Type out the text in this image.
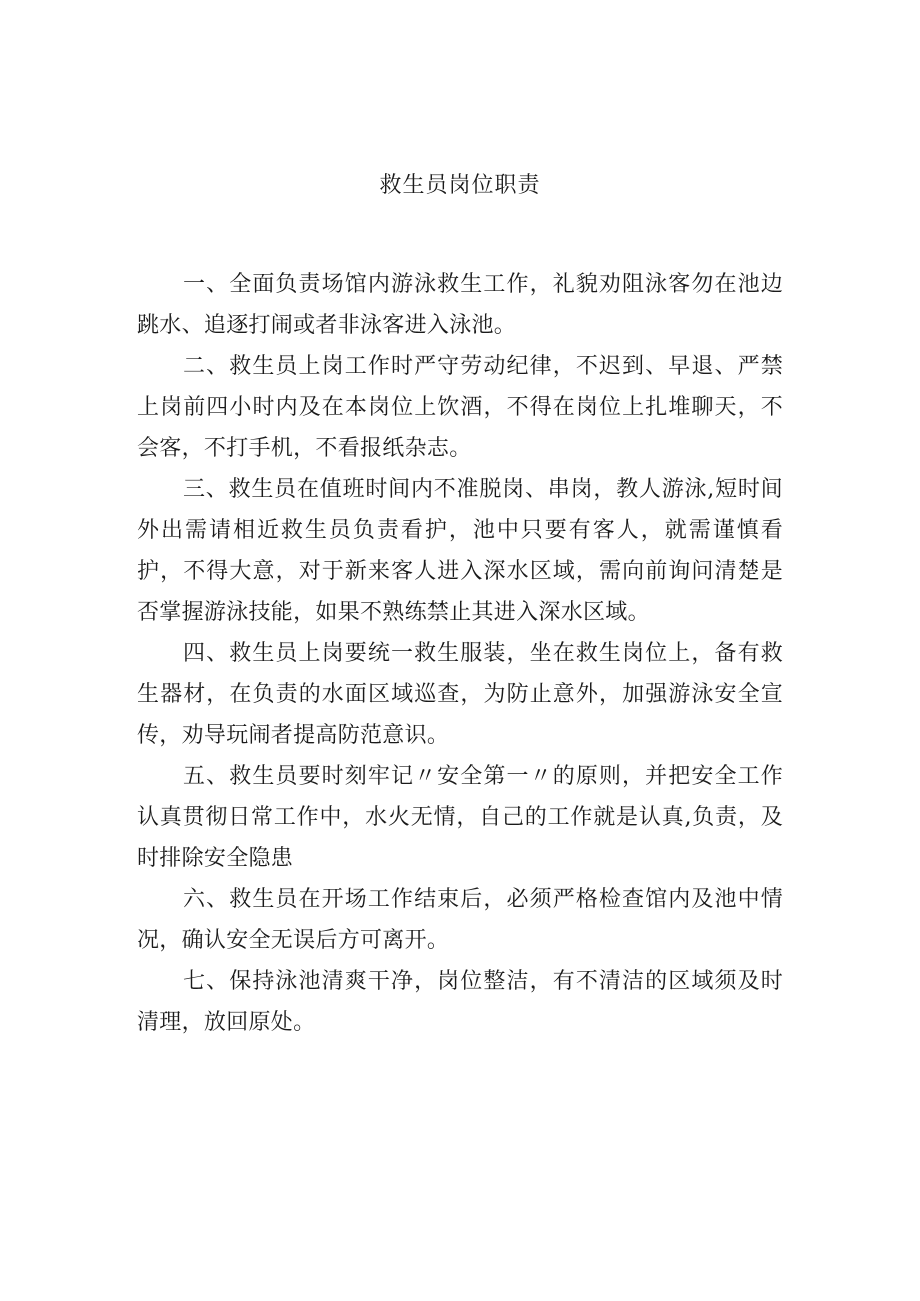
救生员岗位职责

一、全面负责场馆内游泳救生工作，礼貌劝阻泳客勿在池边跳水、追逐打闹或者非泳客进入泳池。

二、救生员上岗工作时严守劳动纪律，不迟到、早退、严禁上岗前四小时内及在本岗位上饮酒，不得在岗位上扎堆聊天，不会客，不打手机，不看报纸杂志。

三、救生员在值班时间内不准脱岗、串岗，教人游泳,短时间外出需请相近救生员负责看护，池中只要有客人，就需谨慎看护，不得大意，对于新来客人进入深水区域，需向前询问清楚是否掌握游泳技能，如果不熟练禁止其进入深水区域。

四、救生员上岗要统一救生服装，坐在救生岗位上，备有救生器材，在负责的水面区域巡查，为防止意外，加强游泳安全宣传，劝导玩闹者提高防范意识。

五、救生员要时刻牢记〃安全第一〃的原则，并把安全工作认真贯彻日常工作中，水火无情，自己的工作就是认真,负责，及时排除安全隐患

六、救生员在开场工作结束后，必须严格检查馆内及池中情况，确认安全无误后方可离开。

七、保持泳池清爽干净，岗位整洁，有不清洁的区域须及时清理，放回原处。
